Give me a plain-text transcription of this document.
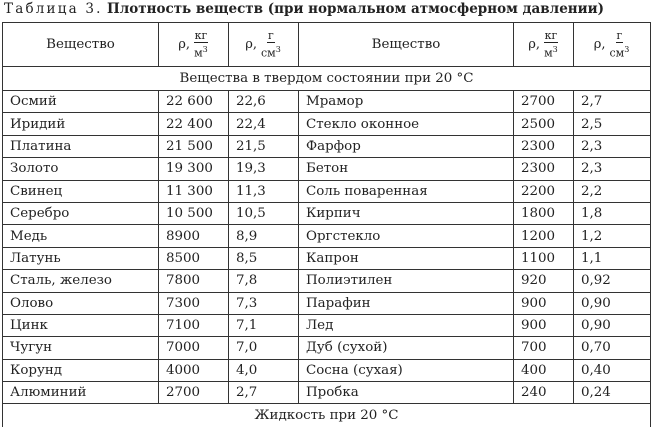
Таблица 3. Плотность веществ (при нормальном атмосферном давлении)
Вещество	ρ, $\frac{кг}{м^3}$	ρ, $\frac{г}{см^3}$	Вещество	ρ, $\frac{кг}{м^3}$	ρ, $\frac{г}{см^3}$

Вещества в твердом состоянии при 20 °С					
Осмий	22 600	22,6	Мрамор	2700	2,7
Иридий	22 400	22,4	Стекло оконное	2500	2,5
Платина	21 500	21,5	Фарфор	2300	2,3
Золото	19 300	19,3	Бетон	2300	2,3
Свинец	11 300	11,3	Соль поваренная	2200	2,2
Серебро	10 500	10,5	Кирпич	1800	1,8
Медь	8900	8,9	Оргстекло	1200	1,2
Латунь	8500	8,5	Капрон	1100	1,1
Сталь, железо	7800	7,8	Полиэтилен	920	0,92
Олово	7300	7,3	Парафин	900	0,90
Цинк	7100	7,1	Лед	900	0,90
Чугун	7000	7,0	Дуб (сухой)	700	0,70
Корунд	4000	4,0	Сосна (сухая)	400	0,40
Алюминий	2700	2,7	Пробка	240	0,24
Жидкость при 20 °С					
